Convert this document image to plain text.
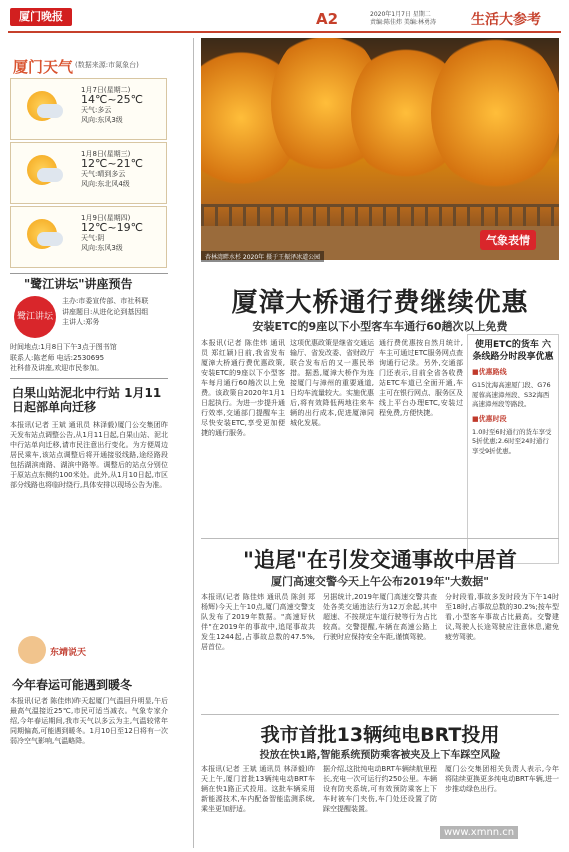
厦门晚报	A2	2020年1月7日 星期二
责编:陈佳炜 美编:林勇涛	生活大参考
厦门天气 (数据来源:市氮象台)
1月7日(星期二)
14℃~25℃
天气:多云
风向:东风3级
1月8日(星期三)
12℃~21℃
天气:晴到多云
风向:东北风4级
1月9日(星期四)
12℃~19℃
天气:阴
风向:东风3级
"鹭江讲坛"讲座预告
鹭江讲坛
主办:市委宣传部、市社科联
讲座题目:从进化论到基因组
主讲人:郑务
时间地点:1月8日下午3点于图书馆
联系人:陈老师 电话:2530695
社科普及讲座,欢迎市民参加。
白果山站泥北中行站 1月11日起部单向迁移
本报讯(记者 王斌 通讯员 林泽毅)厦门公交集团昨天发布站点调整公告,从1月11日起,白果山站、泥北中行站单向迁移,请市民注意出行变化。为方便周边居民乘车,该站点调整后将开通接驳线路,途经路段包括湖滨南路、湖滨中路等。调整后的站点分别位于原站点东侧约100米处。此外,从1月10日起,市区部分线路也将临时绕行,具体安排以现场公告为准。
东靖说天
今年春运可能遇到暖冬
本报讯(记者 陈佳炜)昨天起厦门气温回升明显,午后最高气温接近25℃,市民可适当减衣。气象专家介绍,今年春运期间,我市天气以多云为主,气温较常年同期偏高,可能遇到暖冬。1月10日至12日将有一次弱冷空气影响,气温略降。
杏林湾畔水杉 2020年 摄于王振泽冰道公园
气象表情
厦漳大桥通行费继续优惠
安装ETC的9座以下小型客车车通行60趟次以上免费
本报讯(记者 陈佳炜 通讯员 郑红颖)日前,我省发布厦漳大桥通行费优惠政策,安装ETC的9座以下小型客车每月通行60趟次以上免费。该政策自2020年1月1日起执行。为进一步提升通行效率,交通部门提醒车主尽快安装ETC,享受更加便捷的通行服务。
这项优惠政策是继省交通运输厅、省发改委、省财政厅联合发布后的又一惠民举措。据悉,厦漳大桥作为连接厦门与漳州的重要通道,日均车流量较大。实施优惠后,将有效降低两地往来车辆的出行成本,促进厦漳同城化发展。
通行费优惠按自然月统计,车主可通过ETC服务网点查询通行记录。另外,交通部门还表示,目前全省各收费站ETC车道已全面开通,车主可在银行网点、服务区及线上平台办理ETC,安装过程免费,方便快捷。
使用ETC的货车 六条线路分时段享优惠
■优惠路线
G15沈海高速厦门段、G76厦蓉高速漳州段、S32海西高速漳州段等路段。
■优惠时段
1.0时至6时通行的货车享受5折优惠;2.6时至24时通行享受9折优惠。
"追尾"在引发交通事故中居首
厦门高速交警今天上午公布2019年"大数据"
本报讯(记者 陈佳炜 通讯员 陈剑 郑杨辉)今天上午10点,厦门高速交警支队发布了2019年数据。"高速好伙伴"在2019年的事故中,追尾事故共发生1244起,占事故总数的47.5%,居首位。
另据统计,2019年厦门高速交警共查处各类交通违法行为12万余起,其中超速、不按规定车道行驶等行为占比较高。交警提醒,车辆在高速公路上行驶时应保持安全车距,谨慎驾驶。
分时段看,事故多发时段为下午14时至18时,占事故总数的30.2%;按车型看,小型客车事故占比最高。交警建议,驾驶人长途驾驶应注意休息,避免疲劳驾驶。
我市首批13辆纯电BRT投用
投放在快1路,智能系统预防乘客被夹及上下车踩空风险
本报讯(记者 王斌 通讯员 林泽毅)昨天上午,厦门首批13辆纯电动BRT车辆在快1路正式投用。这批车辆采用新能源技术,车内配备智能监测系统,乘坐更加舒适。
据介绍,这批纯电动BRT车辆续航里程长,充电一次可运行约250公里。车辆设有防夹系统,可有效预防乘客上下车时被车门夹伤,车门处还设置了防踩空提醒装置。
厦门公交集团相关负责人表示,今年将陆续更换更多纯电动BRT车辆,进一步推动绿色出行。
www.xmnn.cn
